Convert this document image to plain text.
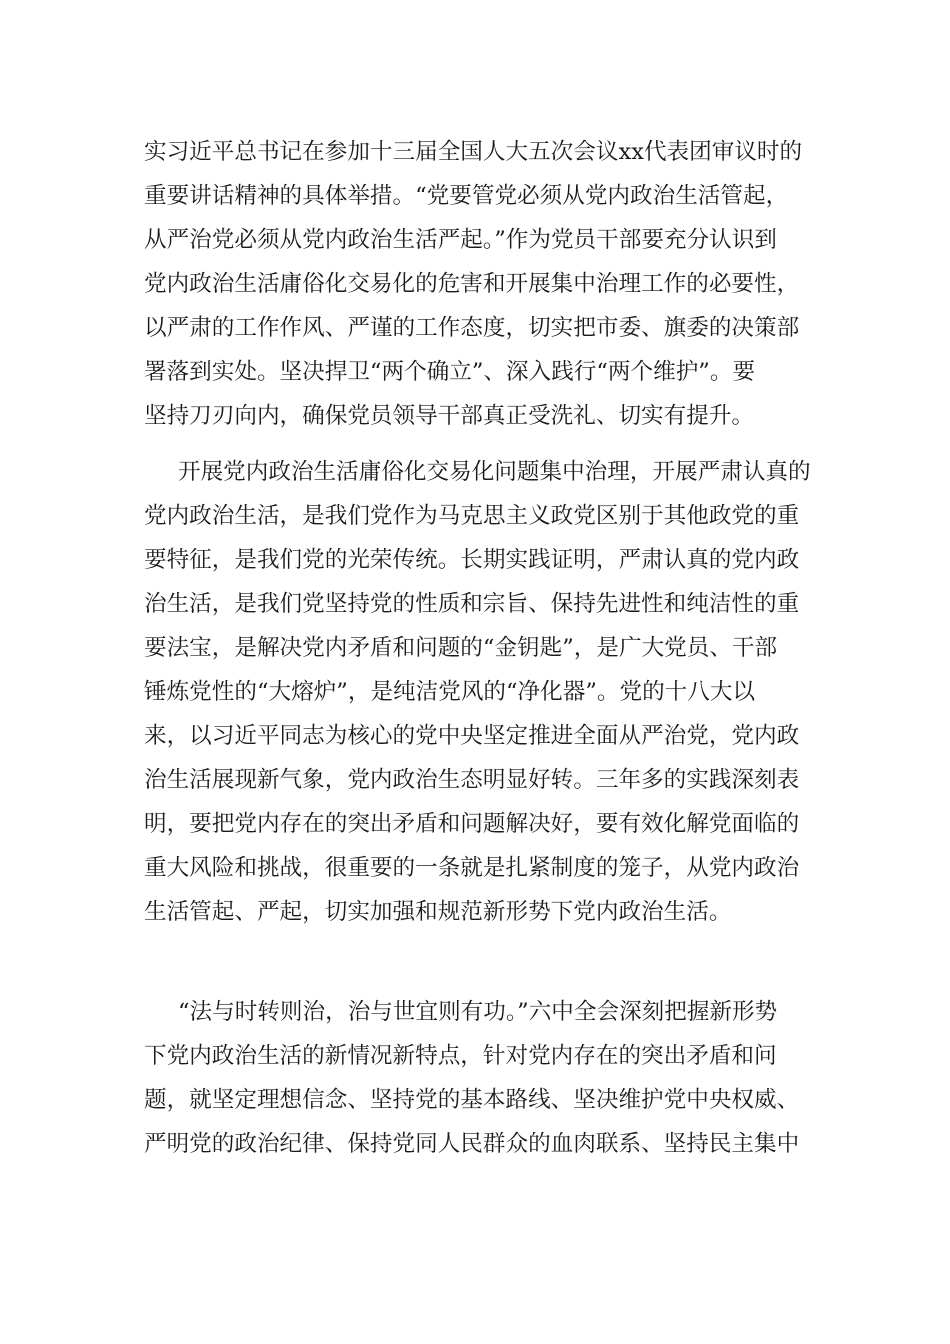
实习近平总书记在参加十三届全国人大五次会议xx代表团审议时的
重要讲话精神的具体举措。“党要管党必须从党内政治生活管起，
从严治党必须从党内政治生活严起。”作为党员干部要充分认识到
党内政治生活庸俗化交易化的危害和开展集中治理工作的必要性，
以严肃的工作作风、严谨的工作态度，切实把市委、旗委的决策部
署落到实处。坚决捍卫“两个确立”、深入践行“两个维护”。要
坚持刀刃向内，确保党员领导干部真正受洗礼、切实有提升。
开展党内政治生活庸俗化交易化问题集中治理，开展严肃认真的
党内政治生活，是我们党作为马克思主义政党区别于其他政党的重
要特征，是我们党的光荣传统。长期实践证明，严肃认真的党内政
治生活，是我们党坚持党的性质和宗旨、保持先进性和纯洁性的重
要法宝，是解决党内矛盾和问题的“金钥匙”，是广大党员、干部
锤炼党性的“大熔炉”，是纯洁党风的“净化器”。党的十八大以
来，以习近平同志为核心的党中央坚定推进全面从严治党，党内政
治生活展现新气象，党内政治生态明显好转。三年多的实践深刻表
明，要把党内存在的突出矛盾和问题解决好，要有效化解党面临的
重大风险和挑战，很重要的一条就是扎紧制度的笼子，从党内政治
生活管起、严起，切实加强和规范新形势下党内政治生活。
“法与时转则治，治与世宜则有功。”六中全会深刻把握新形势
下党内政治生活的新情况新特点，针对党内存在的突出矛盾和问
题，就坚定理想信念、坚持党的基本路线、坚决维护党中央权威、
严明党的政治纪律、保持党同人民群众的血肉联系、坚持民主集中
